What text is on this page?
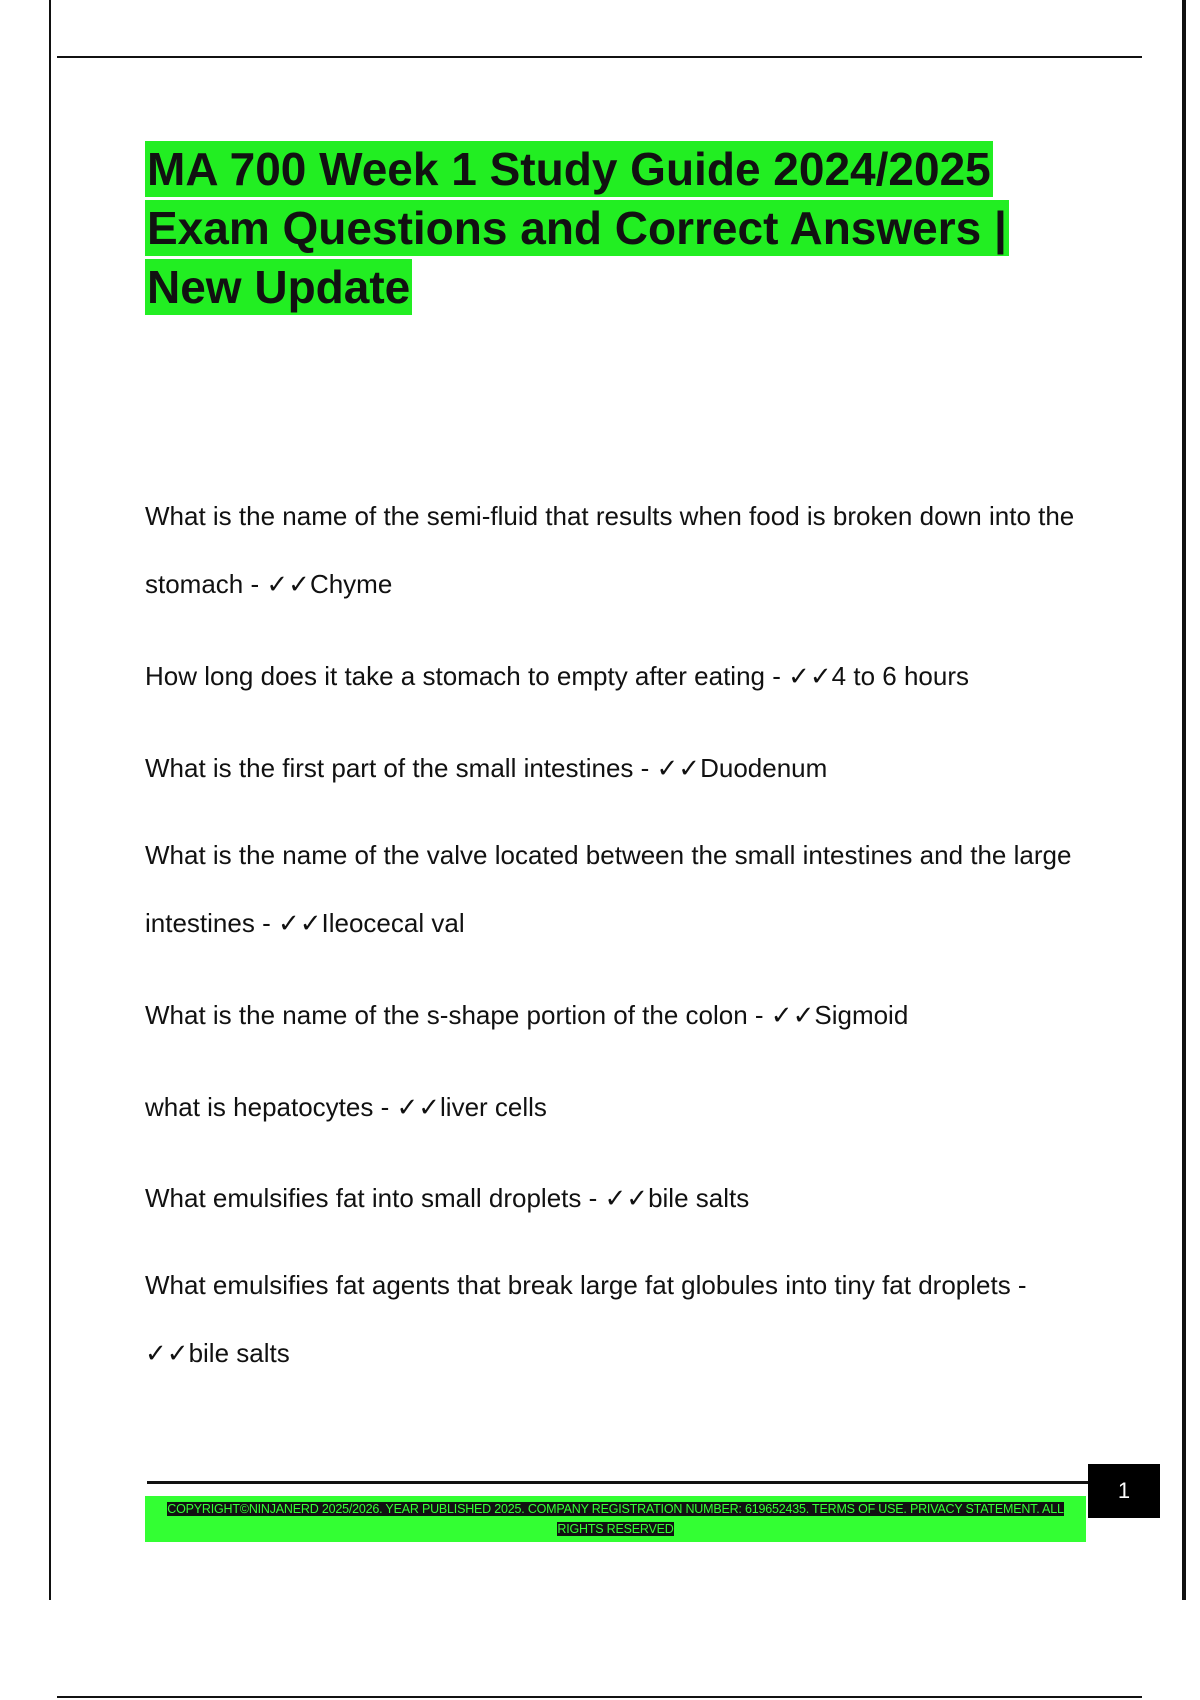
MA 700 Week 1 Study Guide 2024/2025 Exam Questions and Correct Answers | New Update

What is the name of the semi-fluid that results when food is broken down into the stomach - ✓✓Chyme

How long does it take a stomach to empty after eating - ✓✓4 to 6 hours

What is the first part of the small intestines - ✓✓Duodenum

What is the name of the valve located between the small intestines and the large intestines - ✓✓Ileocecal val

What is the name of the s-shape portion of the colon - ✓✓Sigmoid

what is hepatocytes - ✓✓liver cells

What emulsifies fat into small droplets - ✓✓bile salts

What emulsifies fat agents that break large fat globules into tiny fat droplets - ✓✓bile salts

1
COPYRIGHT©NINJANERD 2025/2026. YEAR PUBLISHED 2025. COMPANY REGISTRATION NUMBER: 619652435. TERMS OF USE. PRIVACY STATEMENT. ALL RIGHTS RESERVED
